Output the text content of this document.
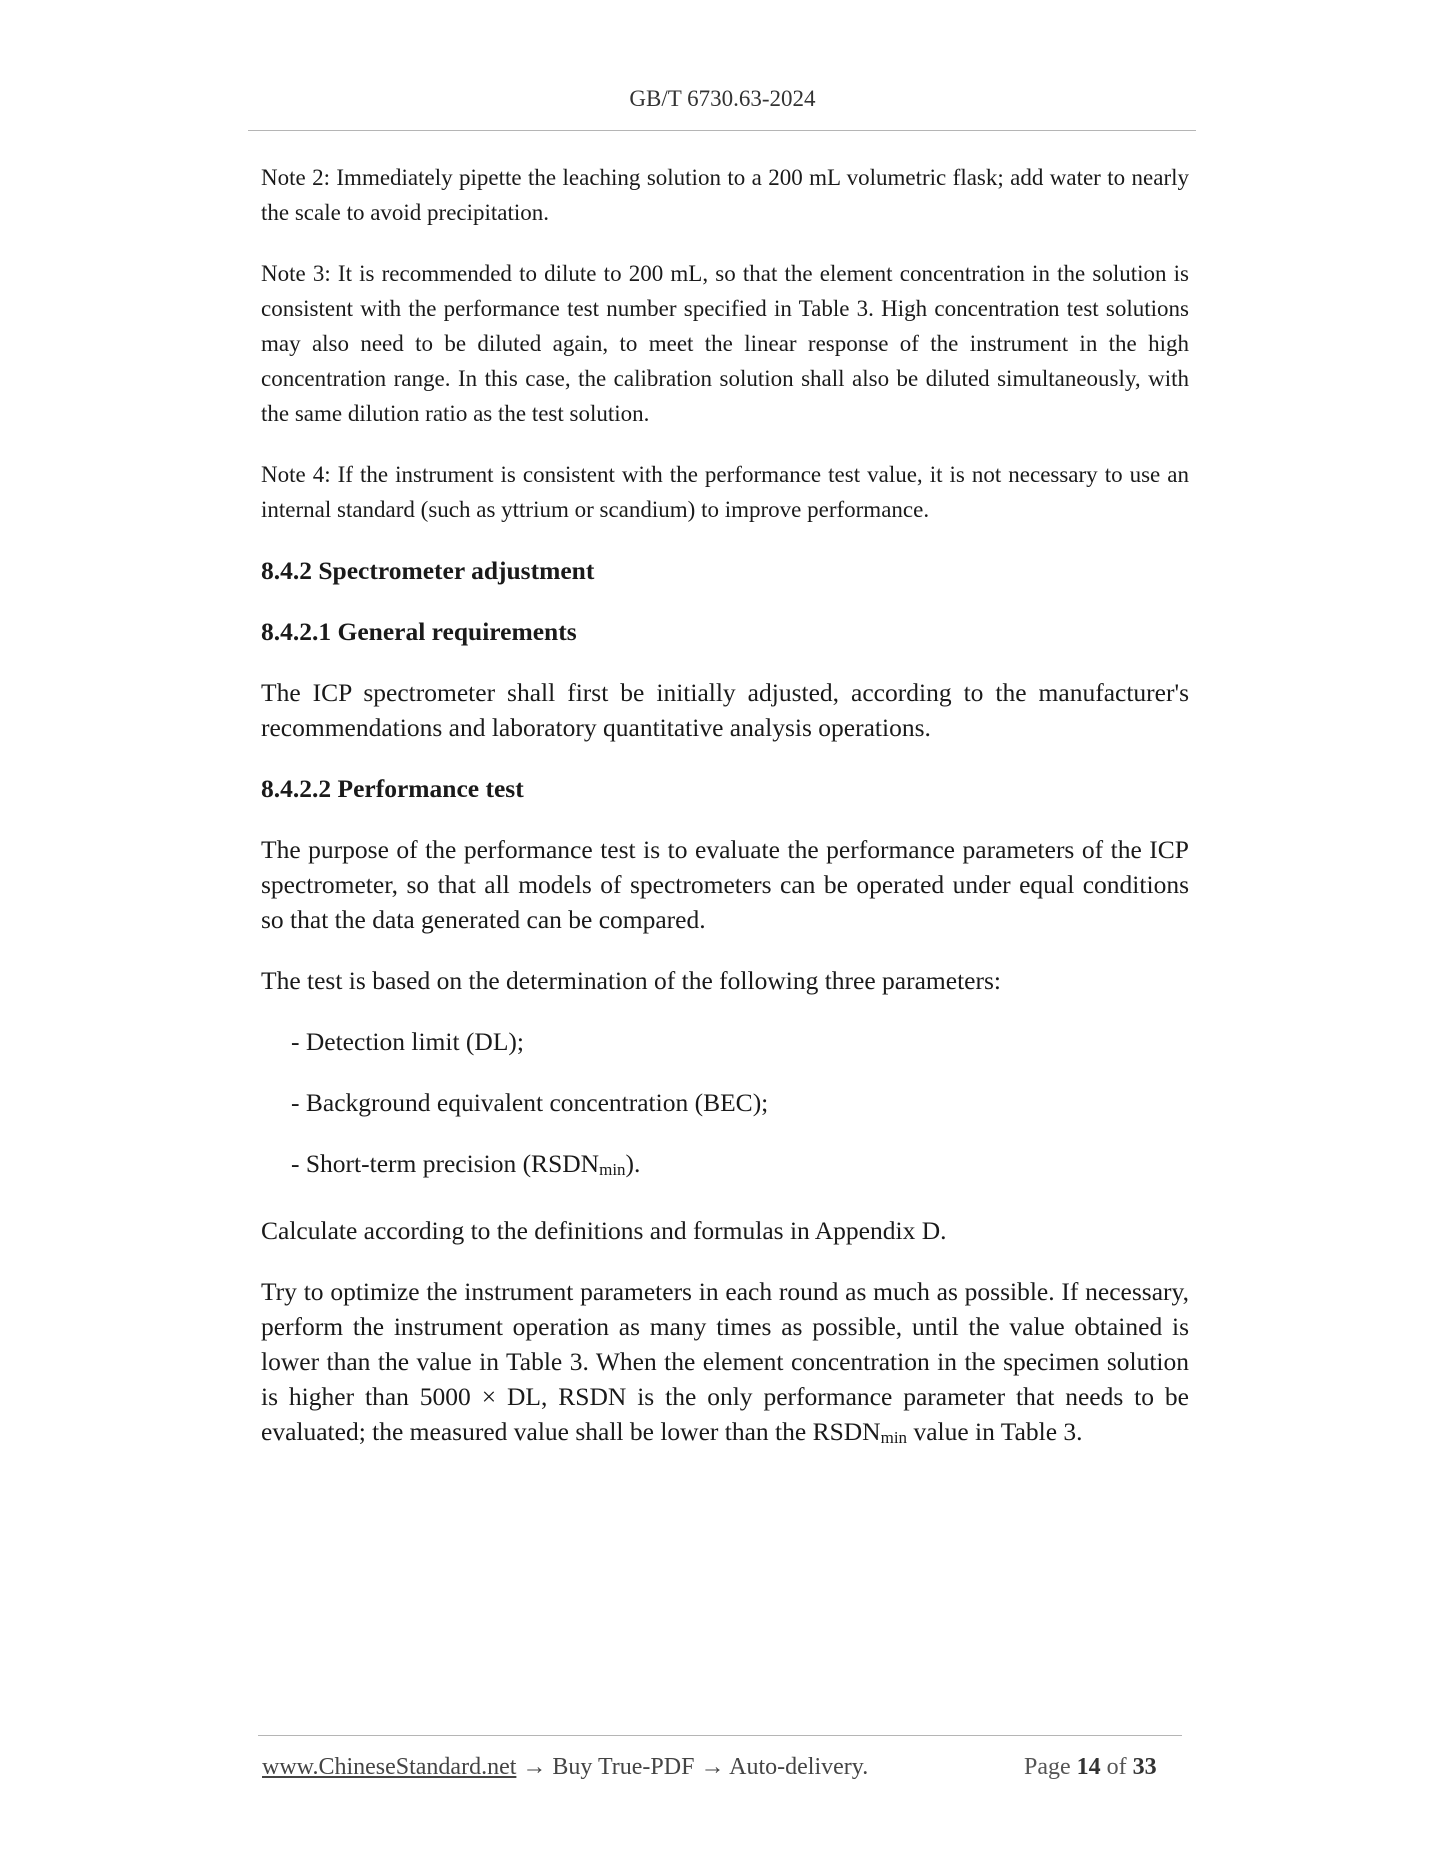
GB/T 6730.63-2024

Note 2: Immediately pipette the leaching solution to a 200 mL volumetric flask; add water to nearly the scale to avoid precipitation.

Note 3: It is recommended to dilute to 200 mL, so that the element concentration in the solution is consistent with the performance test number specified in Table 3. High concentration test solutions may also need to be diluted again, to meet the linear response of the instrument in the high concentration range. In this case, the calibration solution shall also be diluted simultaneously, with the same dilution ratio as the test solution.

Note 4: If the instrument is consistent with the performance test value, it is not necessary to use an internal standard (such as yttrium or scandium) to improve performance.

8.4.2 Spectrometer adjustment
8.4.2.1 General requirements

The ICP spectrometer shall first be initially adjusted, according to the manufacturer's recommendations and laboratory quantitative analysis operations.

8.4.2.2 Performance test

The purpose of the performance test is to evaluate the performance parameters of the ICP spectrometer, so that all models of spectrometers can be operated under equal conditions so that the data generated can be compared.

The test is based on the determination of the following three parameters:

- Detection limit (DL);
- Background equivalent concentration (BEC);
- Short-term precision (RSDNmin).

Calculate according to the definitions and formulas in Appendix D.

Try to optimize the instrument parameters in each round as much as possible. If necessary, perform the instrument operation as many times as possible, until the value obtained is lower than the value in Table 3. When the element concentration in the specimen solution is higher than 5000 × DL, RSDN is the only performance parameter that needs to be evaluated; the measured value shall be lower than the RSDNmin value in Table 3.

www.ChineseStandard.net → Buy True-PDF → Auto-delivery.	Page 14 of 33
